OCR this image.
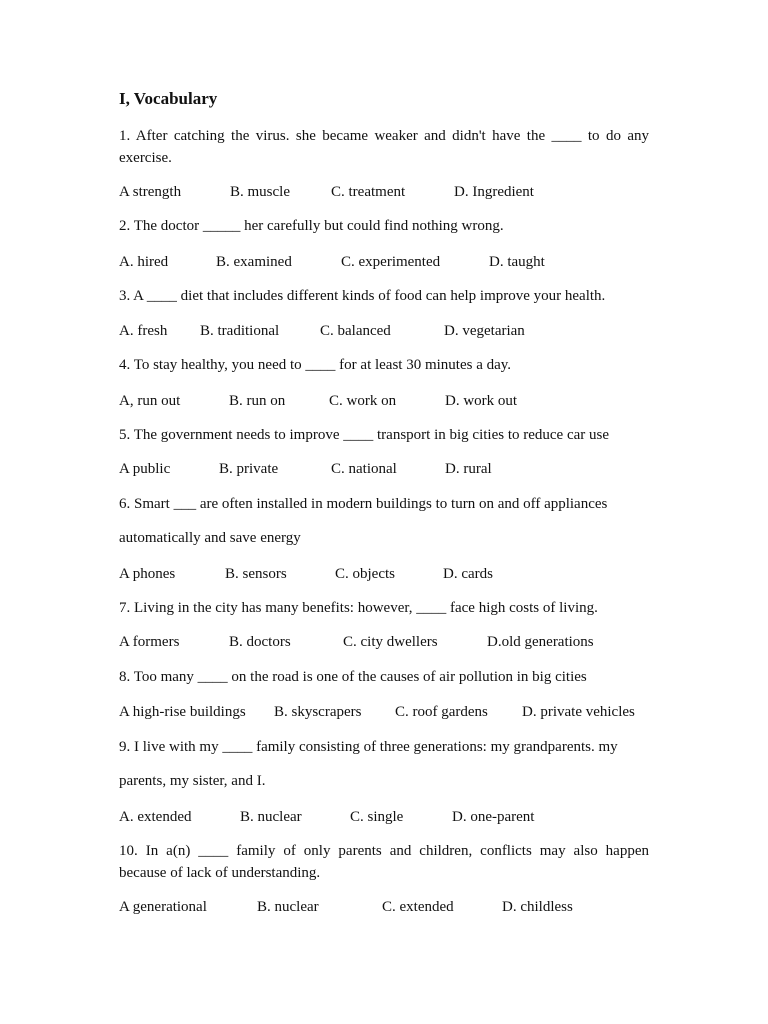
I, Vocabulary
1. After catching the virus. she became weaker and didn't have the ____ to do any
exercise.
A strength	B. muscle	C. treatment	D. Ingredient
2. The doctor _____ her carefully but could find nothing wrong.
A. hired	B. examined	C. experimented	D. taught
3. A ____ diet that includes different kinds of food can help improve your health.
A. fresh B. traditional	C. balanced	D. vegetarian
4. To stay healthy, you need to ____ for at least 30 minutes a day.
A, run out	B. run on	C. work on	D. work out
5. The government needs to improve ____ transport in big cities to reduce car use
A public	B. private	C. national	D. rural
6. Smart ___ are often installed in modern buildings to turn on and off appliances
automatically and save energy
A phones	B. sensors	C. objects	D. cards
7. Living in the city has many benefits: however, ____ face high costs of living.
A formers	B. doctors	C. city dwellers	D.old generations
8. Too many ____ on the road is one of the causes of air pollution in big cities
A high-rise buildings B. skyscrapers C. roof gardens D. private vehicles
9. I live with my ____ family consisting of three generations: my grandparents. my
parents, my sister, and I.
A. extended	B. nuclear	C. single	D. one-parent
10. In a(n) ____ family of only parents and children, conflicts may also happen
because of lack of understanding.
A generational	B. nuclear	C. extended	D. childless
